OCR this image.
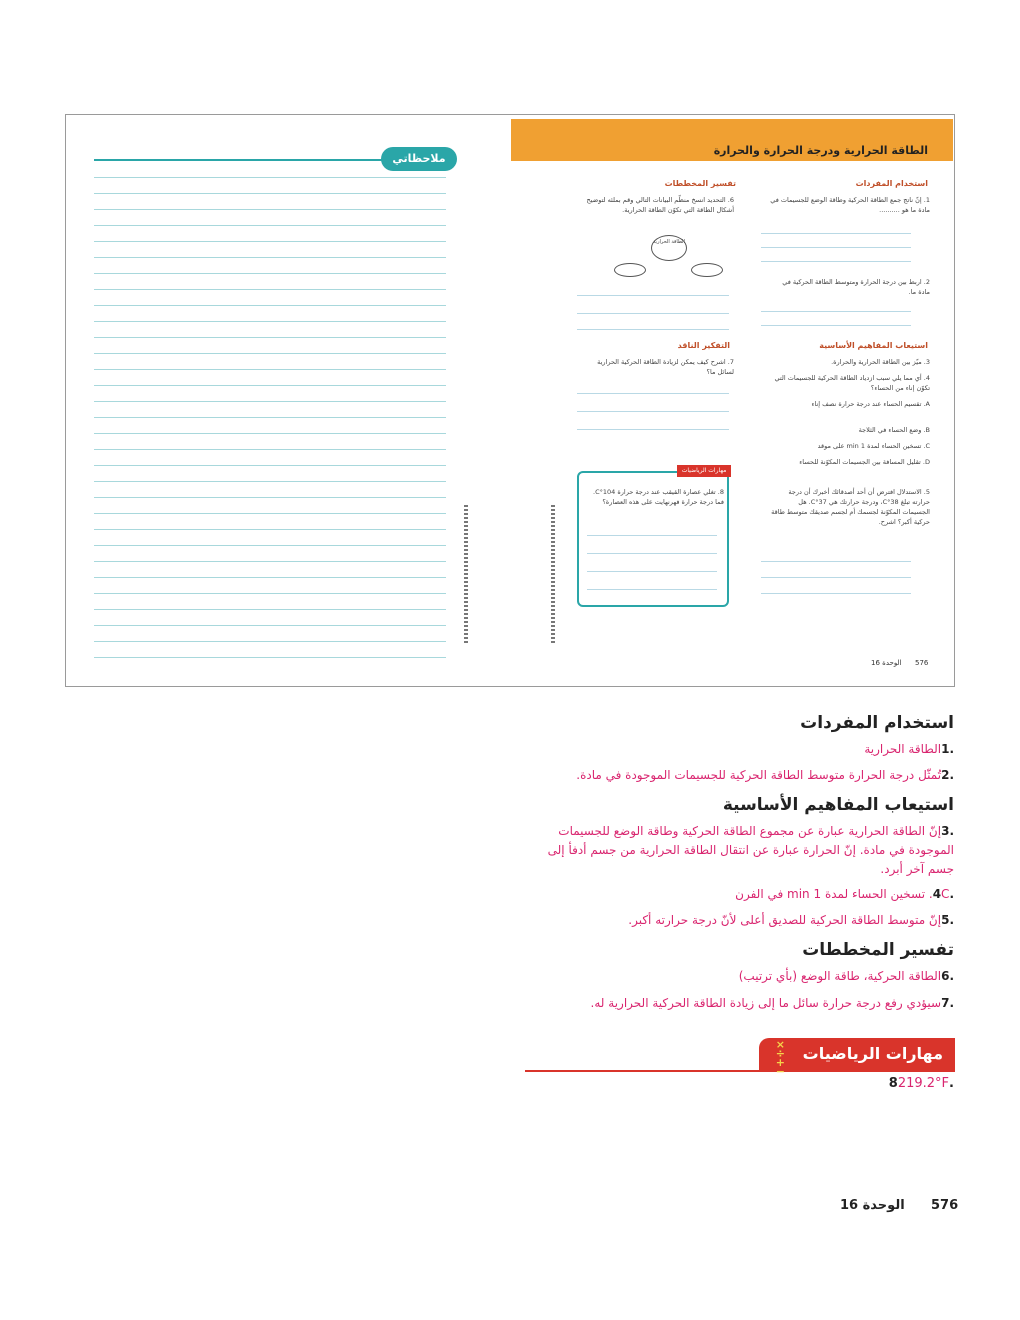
ملاحظاتي
الطاقة الحرارية ودرجة الحرارة والحرارة
استخدام المفردات
1. إنّ ناتج جمع الطاقة الحركية وطاقة الوضع للجسيمات في مادة ما هو ..........
2. اربط بين درجة الحرارة ومتوسط الطاقة الحركية في مادة ما.
استيعاب المفاهيم الأساسية
3. ميّز بين الطاقة الحرارية والحرارة.
4. أي مما يلي سبب ازدياد الطاقة الحركية للجسيمات التي تكوّن إناء من الحساء؟
A. تقسيم الحساء عند درجة حرارة نصف إناء
B. وضع الحساء في الثلاجة
C. تسخين الحساء لمدة 1 min على موقد
D. تقليل المسافة بين الجسيمات المكوّنة للحساء
5. الاستدلال افترض أن أحد أصدقائك أخبرك أن درجة حرارته تبلغ 38°C، ودرجة حرارتك هي 37°C. هل الجسيمات المكوّنة لجسمك أم لجسم صديقك متوسط طاقة حركية أكبر؟ اشرح.
تفسير المخططات
6. التحديد انسخ منظّم البيانات التالي وقم بملئه لتوضيح أشكال الطاقة التي تكوّن الطاقة الحرارية.
الطاقة الحرارية
التفكير الناقد
7. اشرح كيف يمكن لزيادة الطاقة الحركية الحرارية لسائل ما؟
مهارات الرياضيات
8. تغلي عصارة القيقب عند درجة حرارة 104°C. فما درجة حرارة فهرنهايت على هذه العصارة؟
576
الوحدة 16
استخدام المفردات
.1الطاقة الحرارية
.2تُمثّل درجة الحرارة متوسط الطاقة الحركية للجسيمات الموجودة في مادة.
استيعاب المفاهيم الأساسية
.3إنّ الطاقة الحرارية عبارة عن مجموع الطاقة الحركية وطاقة الوضع للجسيمات الموجودة في مادة. إنّ الحرارة عبارة عن انتقال الطاقة الحرارية من جسم أدفأ إلى جسم آخر أبرد.
.4C. تسخين الحساء لمدة 1 min في الفرن
.5إنّ متوسط الطاقة الحركية للصديق أعلى لأنّ درجة حرارته أكبر.
تفسير المخططات
.6الطاقة الحركية، طاقة الوضع (بأي ترتيب)
.7سيؤدي رفع درجة حرارة سائل ما إلى زيادة الطاقة الحركية الحرارية له.
مهارات الرياضيات
× ÷ + −
.8219.2°F
الوحدة 16 576
